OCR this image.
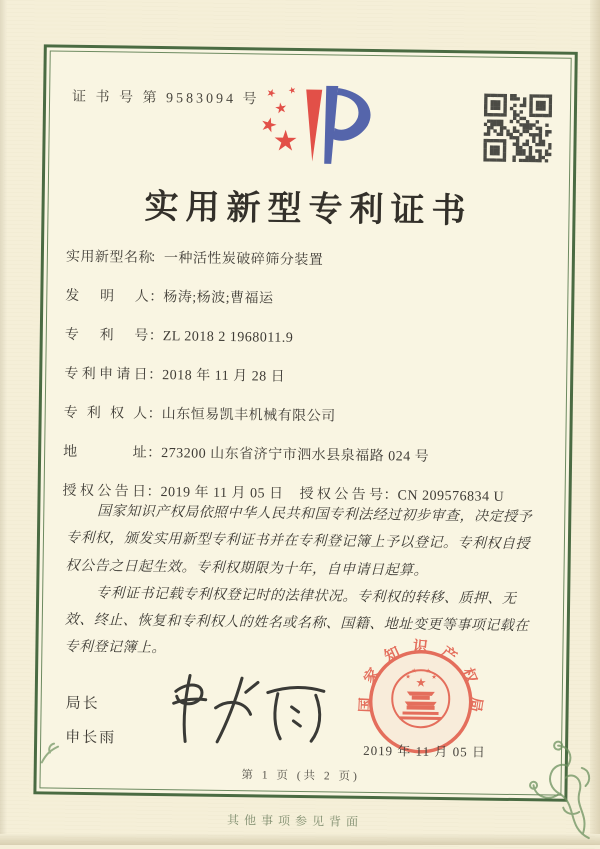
证 书 号 第 9583094 号
实用新型专利证书
实用新型名称：一种活性炭破碎筛分装置
发明人：杨涛;杨波;曹福运
专利号：ZL 2018 2 1968011.9
专利申请日：2018 年 11 月 28 日
专利权人：山东恒易凯丰机械有限公司
地址：273200 山东省济宁市泗水县泉福路 024 号
授权公告日：2019 年 11 月 05 日 授权公告号：CN 209576834 U

国家知识产权局依照中华人民共和国专利法经过初步审查，决定授予专利权，颁发实用新型专利证书并在专利登记簿上予以登记。专利权自授权公告之日起生效。专利权期限为十年，自申请日起算。

专利证书记载专利权登记时的法律状况。专利权的转移、质押、无效、终止、恢复和专利权人的姓名或名称、国籍、地址变更等事项记载在专利登记簿上。

局长
申长雨
国家知识产权局
2019 年 11 月 05 日
第 1 页 (共 2 页)
其他事项参见背面
